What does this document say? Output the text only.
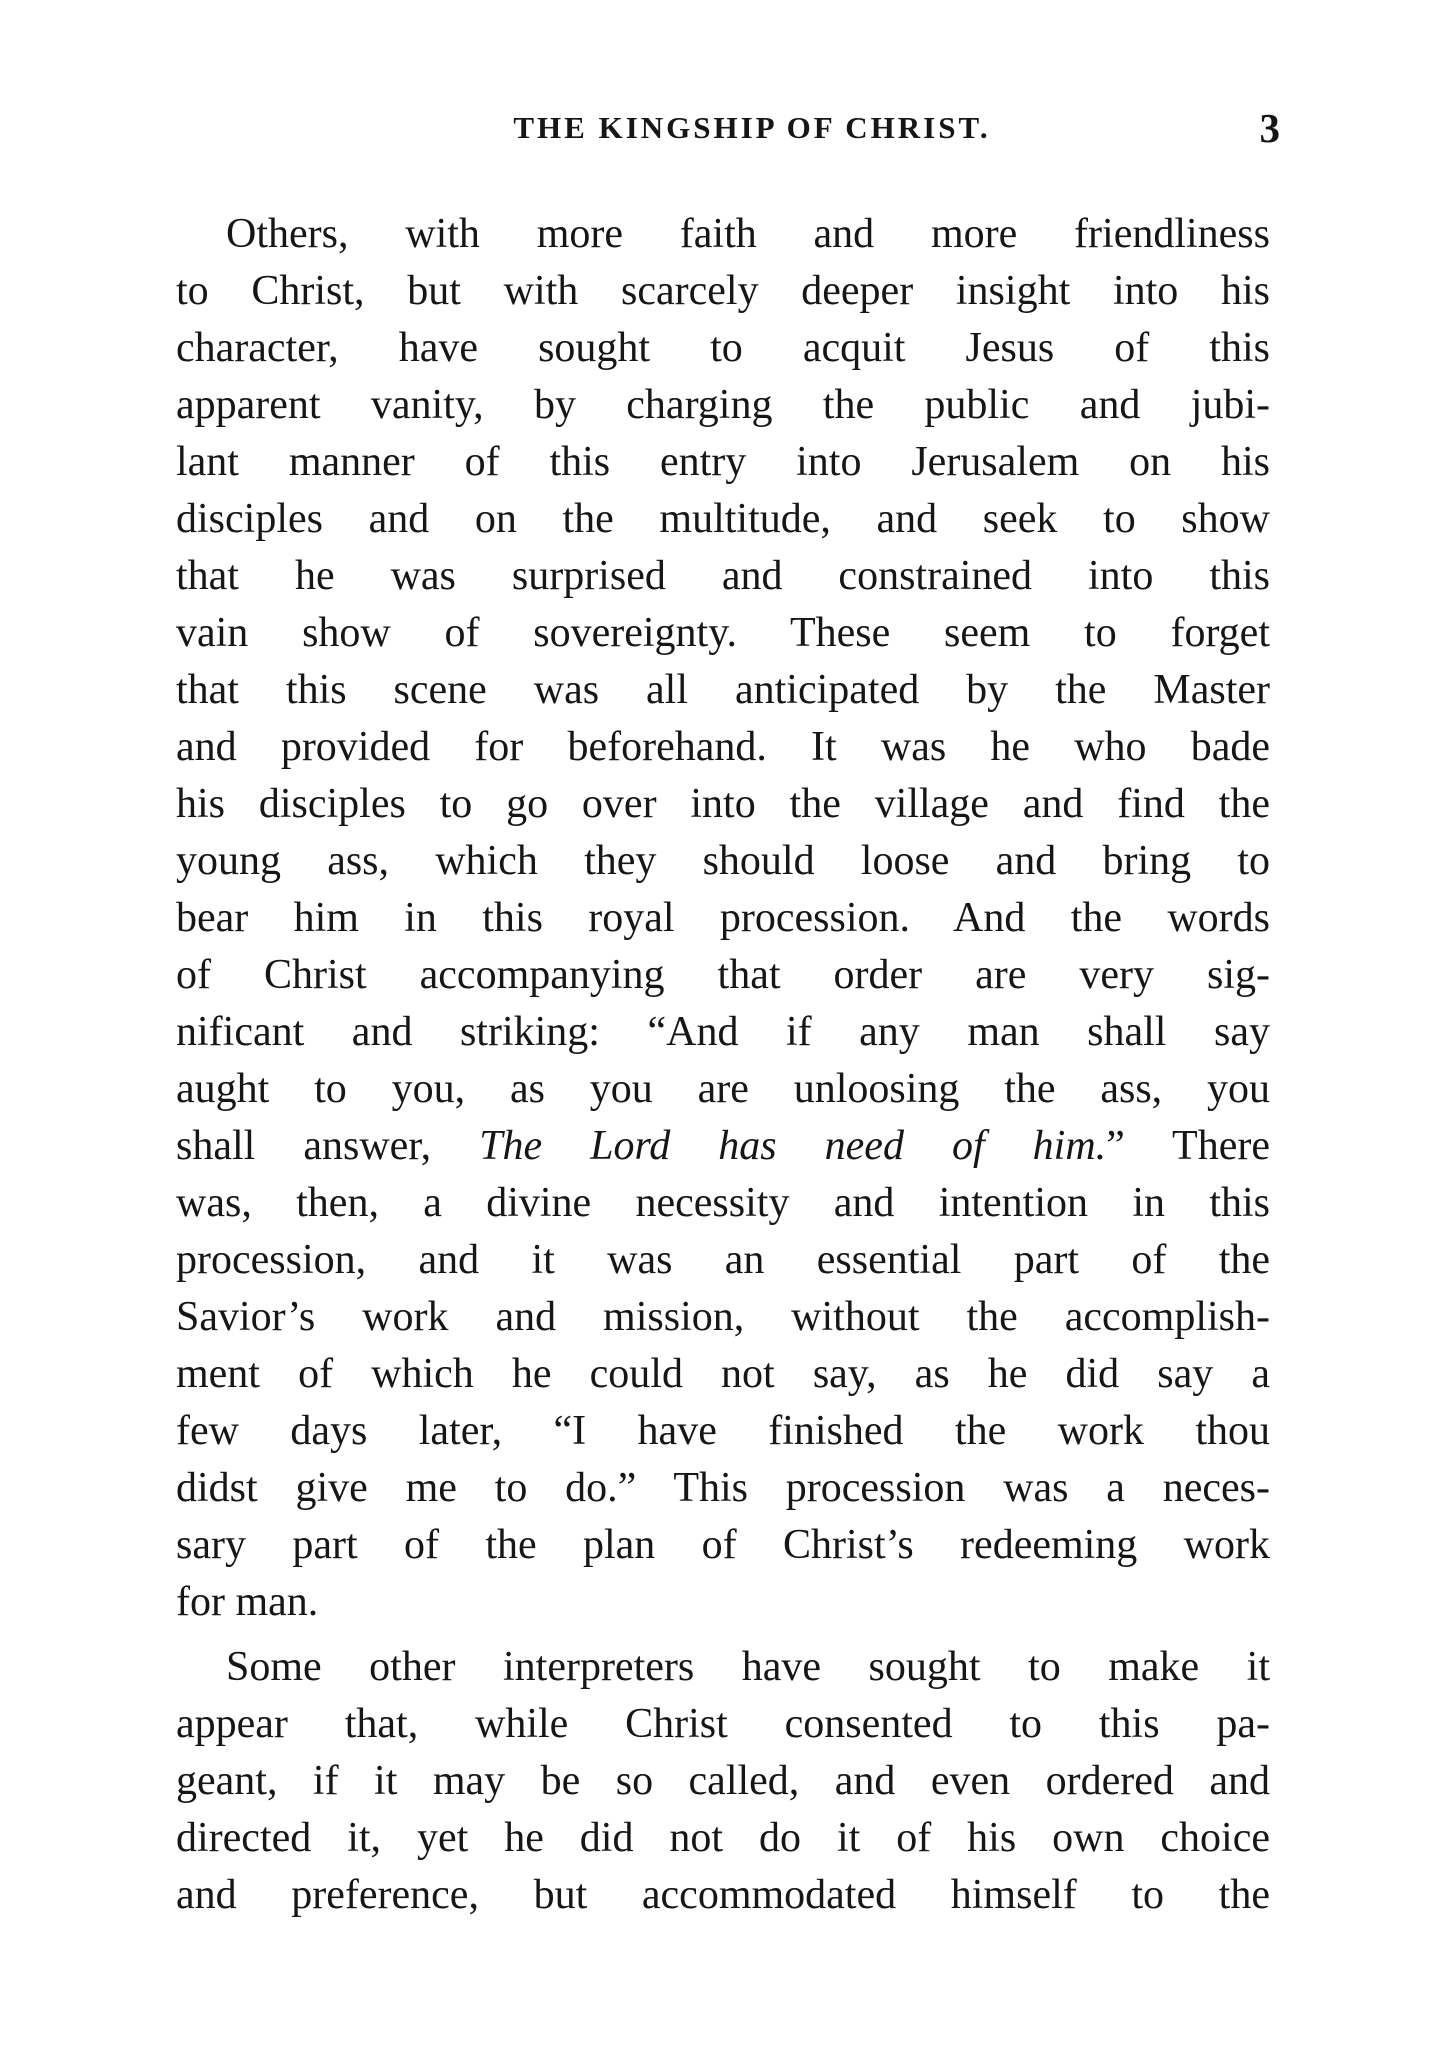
THE KINGSHIP OF CHRIST.	3
Others, with more faith and more friendliness
to Christ, but with scarcely deeper insight into his
character, have sought to acquit Jesus of this
apparent vanity, by charging the public and jubi-
lant manner of this entry into Jerusalem on his
disciples and on the multitude, and seek to show
that he was surprised and constrained into this
vain show of sovereignty. These seem to forget
that this scene was all anticipated by the Master
and provided for beforehand. It was he who bade
his disciples to go over into the village and find the
young ass, which they should loose and bring to
bear him in this royal procession. And the words
of Christ accompanying that order are very sig-
nificant and striking: “And if any man shall say
aught to you, as you are unloosing the ass, you
shall answer, The Lord has need of him.” There
was, then, a divine necessity and intention in this
procession, and it was an essential part of the
Savior’s work and mission, without the accomplish-
ment of which he could not say, as he did say a
few days later, “I have finished the work thou
didst give me to do.” This procession was a neces-
sary part of the plan of Christ’s redeeming work
for man.
Some other interpreters have sought to make it
appear that, while Christ consented to this pa-
geant, if it may be so called, and even ordered and
directed it, yet he did not do it of his own choice
and preference, but accommodated himself to the
